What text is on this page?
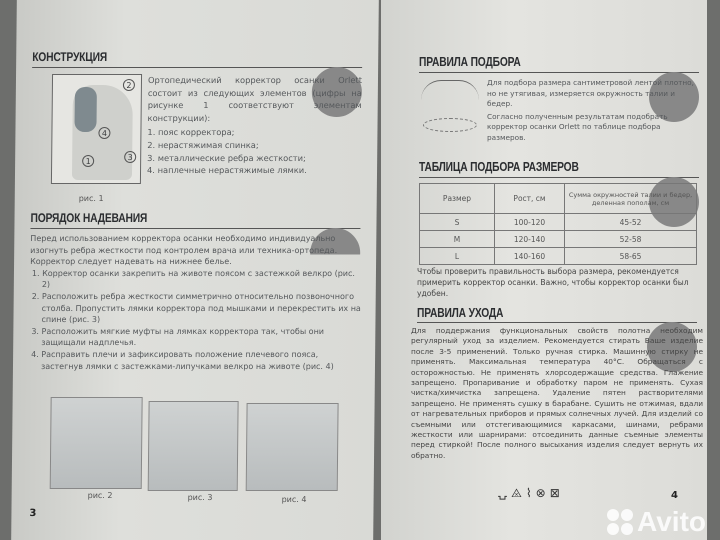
КОНСТРУКЦИЯ
2
4
3
1
рис. 1

Ортопедический корректор осанки Orlett состоит из следующих элементов (цифры на рисунке 1 соответствуют элементам конструкции):

1. пояс корректора;

2. нерастяжимая спинка;

3. металлические ребра жесткости;

4. наплечные нерастяжимые лямки.

ПОРЯДОК НАДЕВАНИЯ

Перед использованием корректора осанки необходимо индивидуально изогнуть ребра жесткости под контролем врача или техника-ортопеда. Корректор следует надевать на нижнее белье.

1. Корректор осанки закрепить на животе поясом с застежкой велкро (рис. 2)

2. Расположить ребра жесткости симметрично относительно позвоночного столба. Пропустить лямки корректора под мышками и перекрестить их на спине (рис. 3)

3. Расположить мягкие муфты на лямках корректора так, чтобы они защищали надплечья.

4. Расправить плечи и зафиксировать положение плечевого пояса, застегнув лямки с застежками-липучками велкро на животе (рис. 4)

рис. 2	рис. 3	рис. 4
3
ПРАВИЛА ПОДБОРА

Для подбора размера сантиметровой лентой плотно, но не утягивая, измеряется окружность талии и бедер.

Согласно полученным результатам подобрать корректор осанки Orlett по таблице подбора размеров.

ТАБЛИЦА ПОДБОРА РАЗМЕРОВ
Размер	Рост, см	Сумма окружностей талии и бедер, деленная пополам, см
S	100-120	45-52
M	120-140	52-58
L	140-160	58-65
Чтобы проверить правильность выбора размера, рекомендуется примерить корректор осанки. Важно, чтобы корректор осанки был удобен.
ПРАВИЛА УХОДА
Для поддержания функциональных свойств полотна необходим регулярный уход за изделием. Рекомендуется стирать Ваше изделие после 3-5 применений. Только ручная стирка. Машинную стирку не применять. Максимальная температура 40°C. Обращаться с осторожностью. Не применять хлорсодержащие средства. Глажение запрещено. Пропаривание и обработку паром не применять. Сухая чистка/химчистка запрещена. Удаление пятен растворителями запрещено. Не применять сушку в барабане. Сушить не отжимая, вдали от нагревательных приборов и прямых солнечных лучей. Для изделий со съемными или отстегивающимися каркасами, шинами, ребрами жесткости или шарнирами: отсоединить данные съемные элементы перед стиркой! После полного высыхания изделия следует вернуть их обратно.
⍽ ⨻ ⌇ ⊗ ⊠	4
Avito
